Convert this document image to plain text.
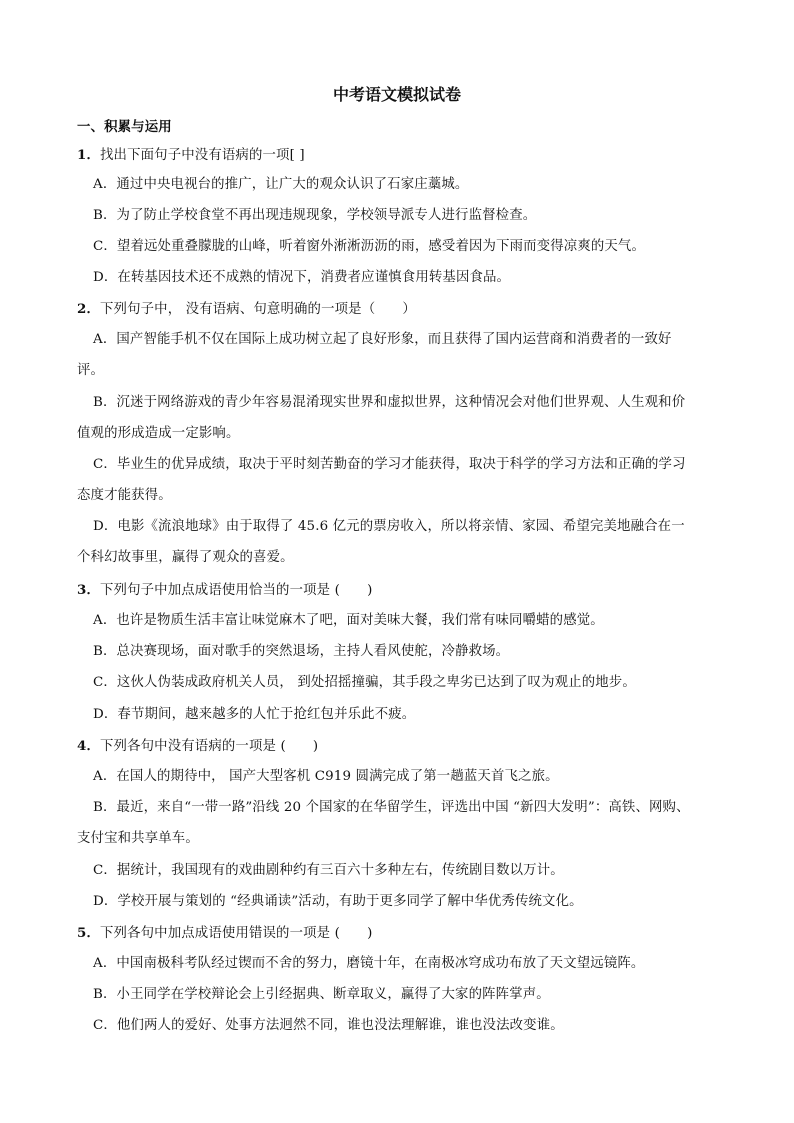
中考语文模拟试卷
一、积累与运用
1．找出下面句子中没有语病的一项[ ]
A．通过中央电视台的推广，让广大的观众认识了石家庄藁城。
B．为了防止学校食堂不再出现违规现象，学校领导派专人进行监督检查。
C．望着远处重叠朦胧的山峰，听着窗外淅淅沥沥的雨，感受着因为下雨而变得凉爽的天气。
D．在转基因技术还不成熟的情况下，消费者应谨慎食用转基因食品。
2．下列句子中， 没有语病、句意明确的一项是（　　）
A．国产智能手机不仅在国际上成功树立起了良好形象，而且获得了国内运营商和消费者的一致好
评。
B．沉迷于网络游戏的青少年容易混淆现实世界和虚拟世界，这种情况会对他们世界观、人生观和价
值观的形成造成一定影响。
C．毕业生的优异成绩，取决于平时刻苦勤奋的学习才能获得，取决于科学的学习方法和正确的学习
态度才能获得。
D．电影《流浪地球》由于取得了 45.6 亿元的票房收入，所以将亲情、家园、希望完美地融合在一
个科幻故事里，赢得了观众的喜爱。
3．下列句子中加点成语使用恰当的一项是 (　　)
A．也许是物质生活丰富让味觉麻木了吧，面对美味大餐，我们常有味同嚼蜡的感觉。
B．总决赛现场，面对歌手的突然退场，主持人看风使舵，冷静救场。
C．这伙人伪装成政府机关人员， 到处招摇撞骗，其手段之卑劣已达到了叹为观止的地步。
D．春节期间，越来越多的人忙于抢红包并乐此不疲。
4．下列各句中没有语病的一项是 (　　)
A．在国人的期待中， 国产大型客机 C919 圆满完成了第一趟蓝天首飞之旅。
B．最近，来自“一带一路”沿线 20 个国家的在华留学生，评选出中国 “新四大发明”：高铁、网购、
支付宝和共享单车。
C．据统计，我国现有的戏曲剧种约有三百六十多种左右，传统剧目数以万计。
D．学校开展与策划的 “经典诵读”活动，有助于更多同学了解中华优秀传统文化。
5．下列各句中加点成语使用错误的一项是 (　　)
A．中国南极科考队经过锲而不舍的努力，磨镜十年，在南极冰穹成功布放了天文望远镜阵。
B．小王同学在学校辩论会上引经据典、断章取义，赢得了大家的阵阵掌声。
C．他们两人的爱好、处事方法迥然不同，谁也没法理解谁，谁也没法改变谁。
